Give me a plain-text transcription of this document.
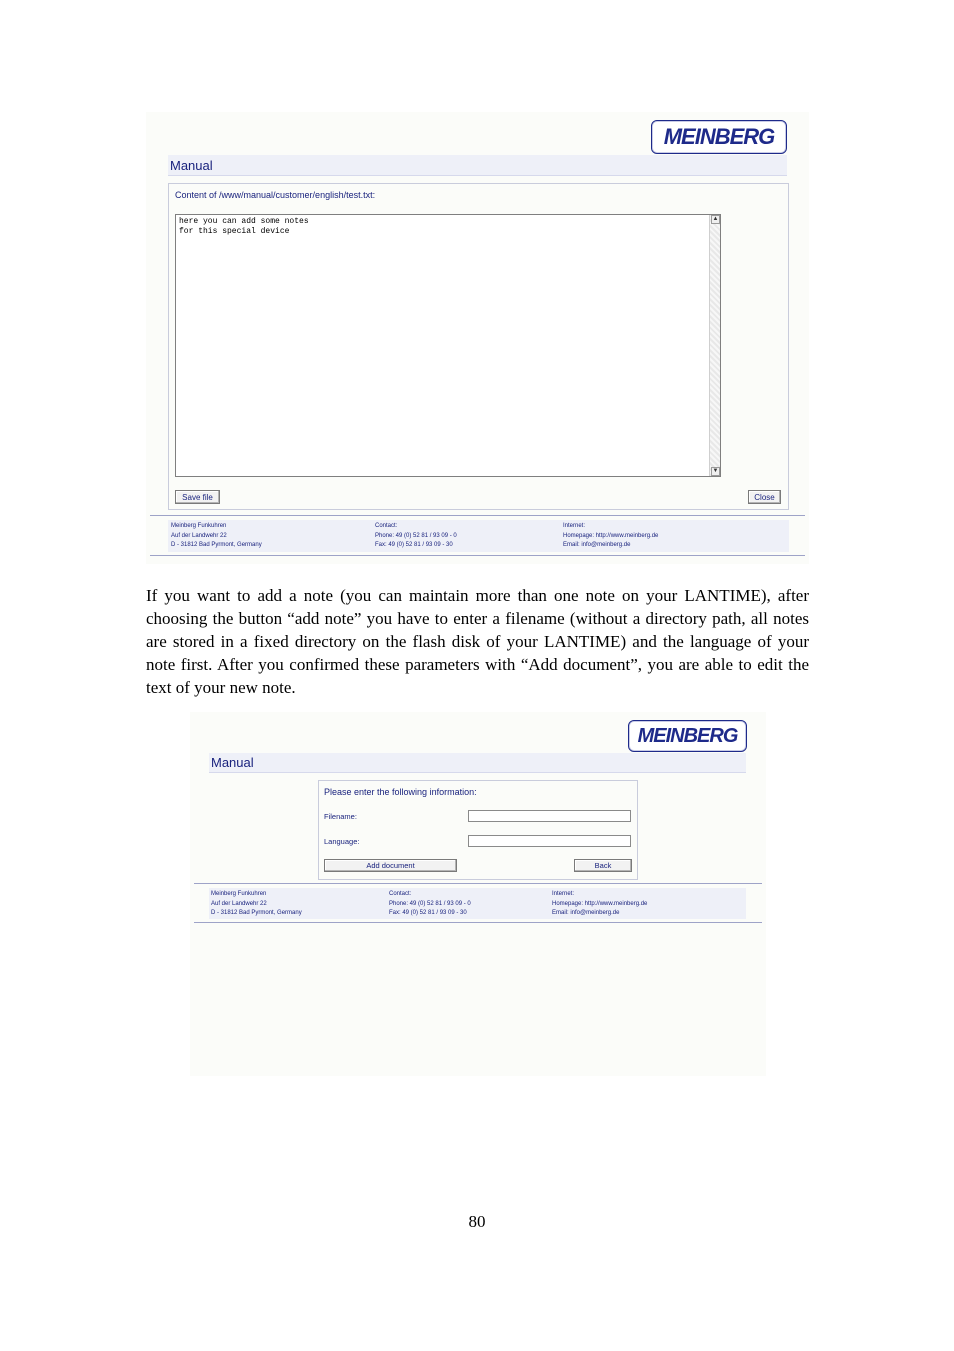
MEINBERG
Manual
Content of /www/manual/customer/english/test.txt:
here you can add some notes
for this special device
▲
▼
Save file	Close
Meinberg Funkuhren
Auf der Landwehr 22
D - 31812 Bad Pyrmont, Germany
Contact:
Phone: 49 (0) 52 81 / 93 09 - 0
Fax: 49 (0) 52 81 / 93 09 - 30
Internet:
Homepage: http://www.meinberg.de
Email: info@meinberg.de

If you want to add a note (you can maintain more than one note on your LANTIME), after choosing the button “add note” you have to enter a filename (without a directory path, all notes are stored in a fixed directory on the flash disk of your LANTIME) and the language of your note first. After you confirmed these parameters with “Add document”, you are able to edit the text of your new note.

MEINBERG
Manual
Please enter the following information:
Filename:
Language:
Add document	Back
Meinberg Funkuhren
Auf der Landwehr 22
D - 31812 Bad Pyrmont, Germany
Contact:
Phone: 49 (0) 52 81 / 93 09 - 0
Fax: 49 (0) 52 81 / 93 09 - 30
Internet:
Homepage: http://www.meinberg.de
Email: info@meinberg.de
80
